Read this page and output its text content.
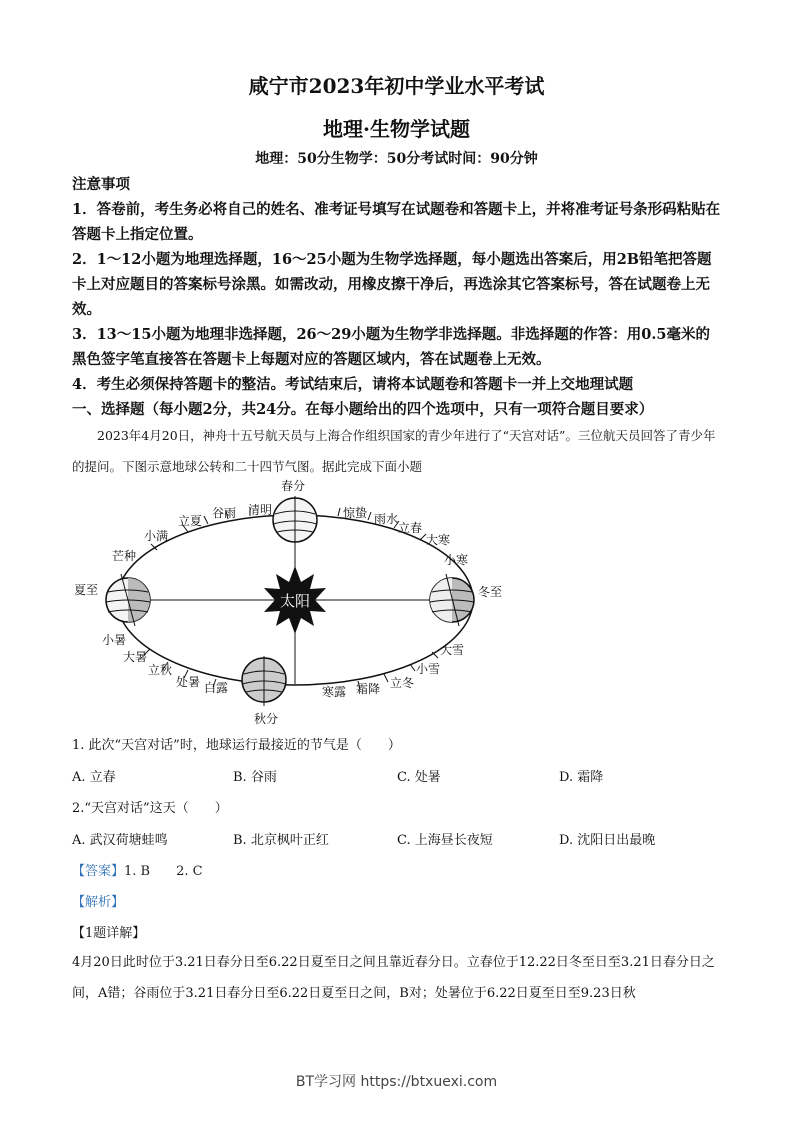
咸宁市2023年初中学业水平考试
地理·生物学试题
地理：50分生物学：50分考试时间：90分钟

注意事项

1．答卷前，考生务必将自己的姓名、准考证号填写在试题卷和答题卡上，并将准考证号条形码粘贴在答题卡上指定位置。

2．1～12小题为地理选择题，16～25小题为生物学选择题，每小题选出答案后，用2B铅笔把答题卡上对应题目的答案标号涂黑。如需改动，用橡皮擦干净后，再选涂其它答案标号，答在试题卷上无效。

3．13～15小题为地理非选择题，26～29小题为生物学非选择题。非选择题的作答：用0.5毫米的黑色签字笔直接答在答题卡上每题对应的答题区域内，答在试题卷上无效。

4．考生必须保持答题卡的整洁。考试结束后，请将本试题卷和答题卡一并上交地理试题

一、选择题（每小题2分，共24分。在每小题给出的四个选项中，只有一项符合题目要求）

2023年4月20日，神舟十五号航天员与上海合作组织国家的青少年进行了“天宫对话”。三位航天员回答了青少年的提问。下图示意地球公转和二十四节气图。据此完成下面小题
太阳
春分
惊蛰 雨水
立春
大寒
小寒
冬至
大雪
小雪
立冬
霜降
寒露
秋分
白露
处暑
立秋
大暑
小暑
夏至
芒种
小满
立夏
谷雨 清明
1. 此次“天宫对话”时，地球运行最接近的节气是（　　）
A. 立春	B. 谷雨	C. 处暑	D. 霜降
2.“天宫对话”这天（　　）
A. 武汉荷塘蛙鸣	B. 北京枫叶正红	C. 上海昼长夜短	D. 沈阳日出最晚
【答案】1. B　　2. C
【解析】
【1题详解】
4月20日此时位于3.21日春分日至6.22日夏至日之间且靠近春分日。立春位于12.22日冬至日至3.21日春分日之间，A错；谷雨位于3.21日春分日至6.22日夏至日之间，B对；处暑位于6.22日夏至日至9.23日秋
BT学习网 https://btxuexi.com
